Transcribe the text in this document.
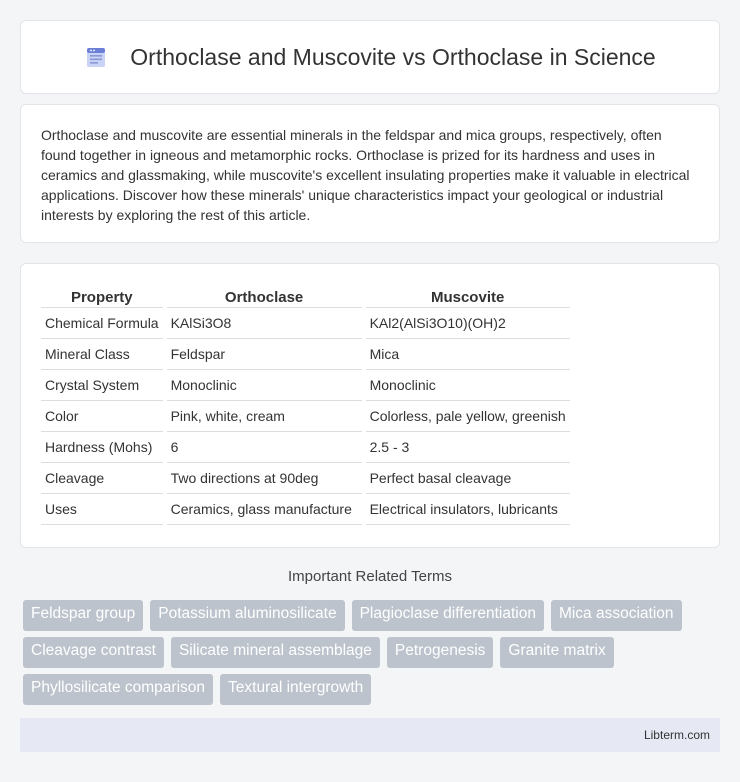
Orthoclase and Muscovite vs Orthoclase in Science

Orthoclase and muscovite are essential minerals in the feldspar and mica groups, respectively, often found together in igneous and metamorphic rocks. Orthoclase is prized for its hardness and uses in ceramics and glassmaking, while muscovite's excellent insulating properties make it valuable in electrical applications. Discover how these minerals' unique characteristics impact your geological or industrial interests by exploring the rest of this article.

Property	Orthoclase	Muscovite
Chemical Formula	KAlSi3O8	KAl2(AlSi3O10)(OH)2
Mineral Class	Feldspar	Mica
Crystal System	Monoclinic	Monoclinic
Color	Pink, white, cream	Colorless, pale yellow, greenish
Hardness (Mohs)	6	2.5 - 3
Cleavage	Two directions at 90deg	Perfect basal cleavage
Uses	Ceramics, glass manufacture	Electrical insulators, lubricants
Important Related Terms
Feldspar group	Potassium aluminosilicate	Plagioclase differentiation	Mica association
Cleavage contrast	Silicate mineral assemblage	Petrogenesis	Granite matrix
Phyllosilicate comparison	Textural intergrowth
Libterm.com
